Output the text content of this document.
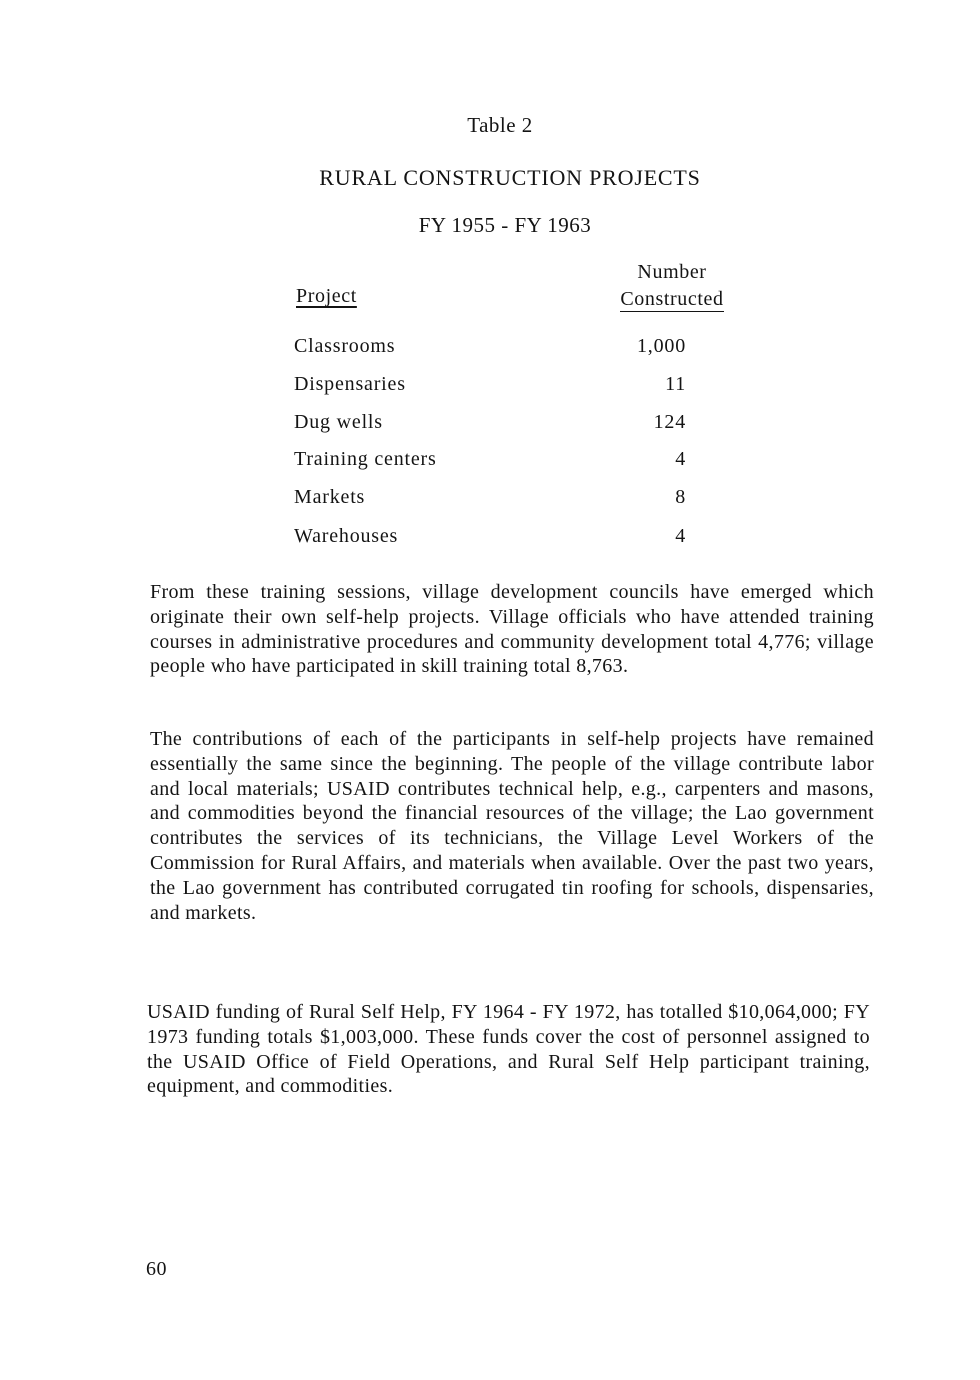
Table 2
RURAL CONSTRUCTION PROJECTS
FY 1955 - FY 1963
Project
Number
Constructed
Classrooms	1,000
Dispensaries	11
Dug wells	124
Training centers	4
Markets	8
Warehouses	4

From these training sessions, village development councils have emerged which originate their own self-help projects. Village officials who have attended training courses in administrative procedures and community development total 4,776; village people who have participated in skill training total 8,763.

The contributions of each of the participants in self-help projects have remained essentially the same since the beginning. The people of the village contribute labor and local materials; USAID contributes technical help, e.g., carpenters and masons, and commodities beyond the financial resources of the village; the Lao government contributes the services of its technicians, the Village Level Workers of the Commission for Rural Affairs, and materials when available. Over the past two years, the Lao government has contributed corrugated tin roofing for schools, dispensaries, and markets.

USAID funding of Rural Self Help, FY 1964 - FY 1972, has totalled $10,064,000; FY 1973 funding totals $1,003,000. These funds cover the cost of personnel assigned to the USAID Office of Field Operations, and Rural Self Help participant training, equipment, and commodities.

60
